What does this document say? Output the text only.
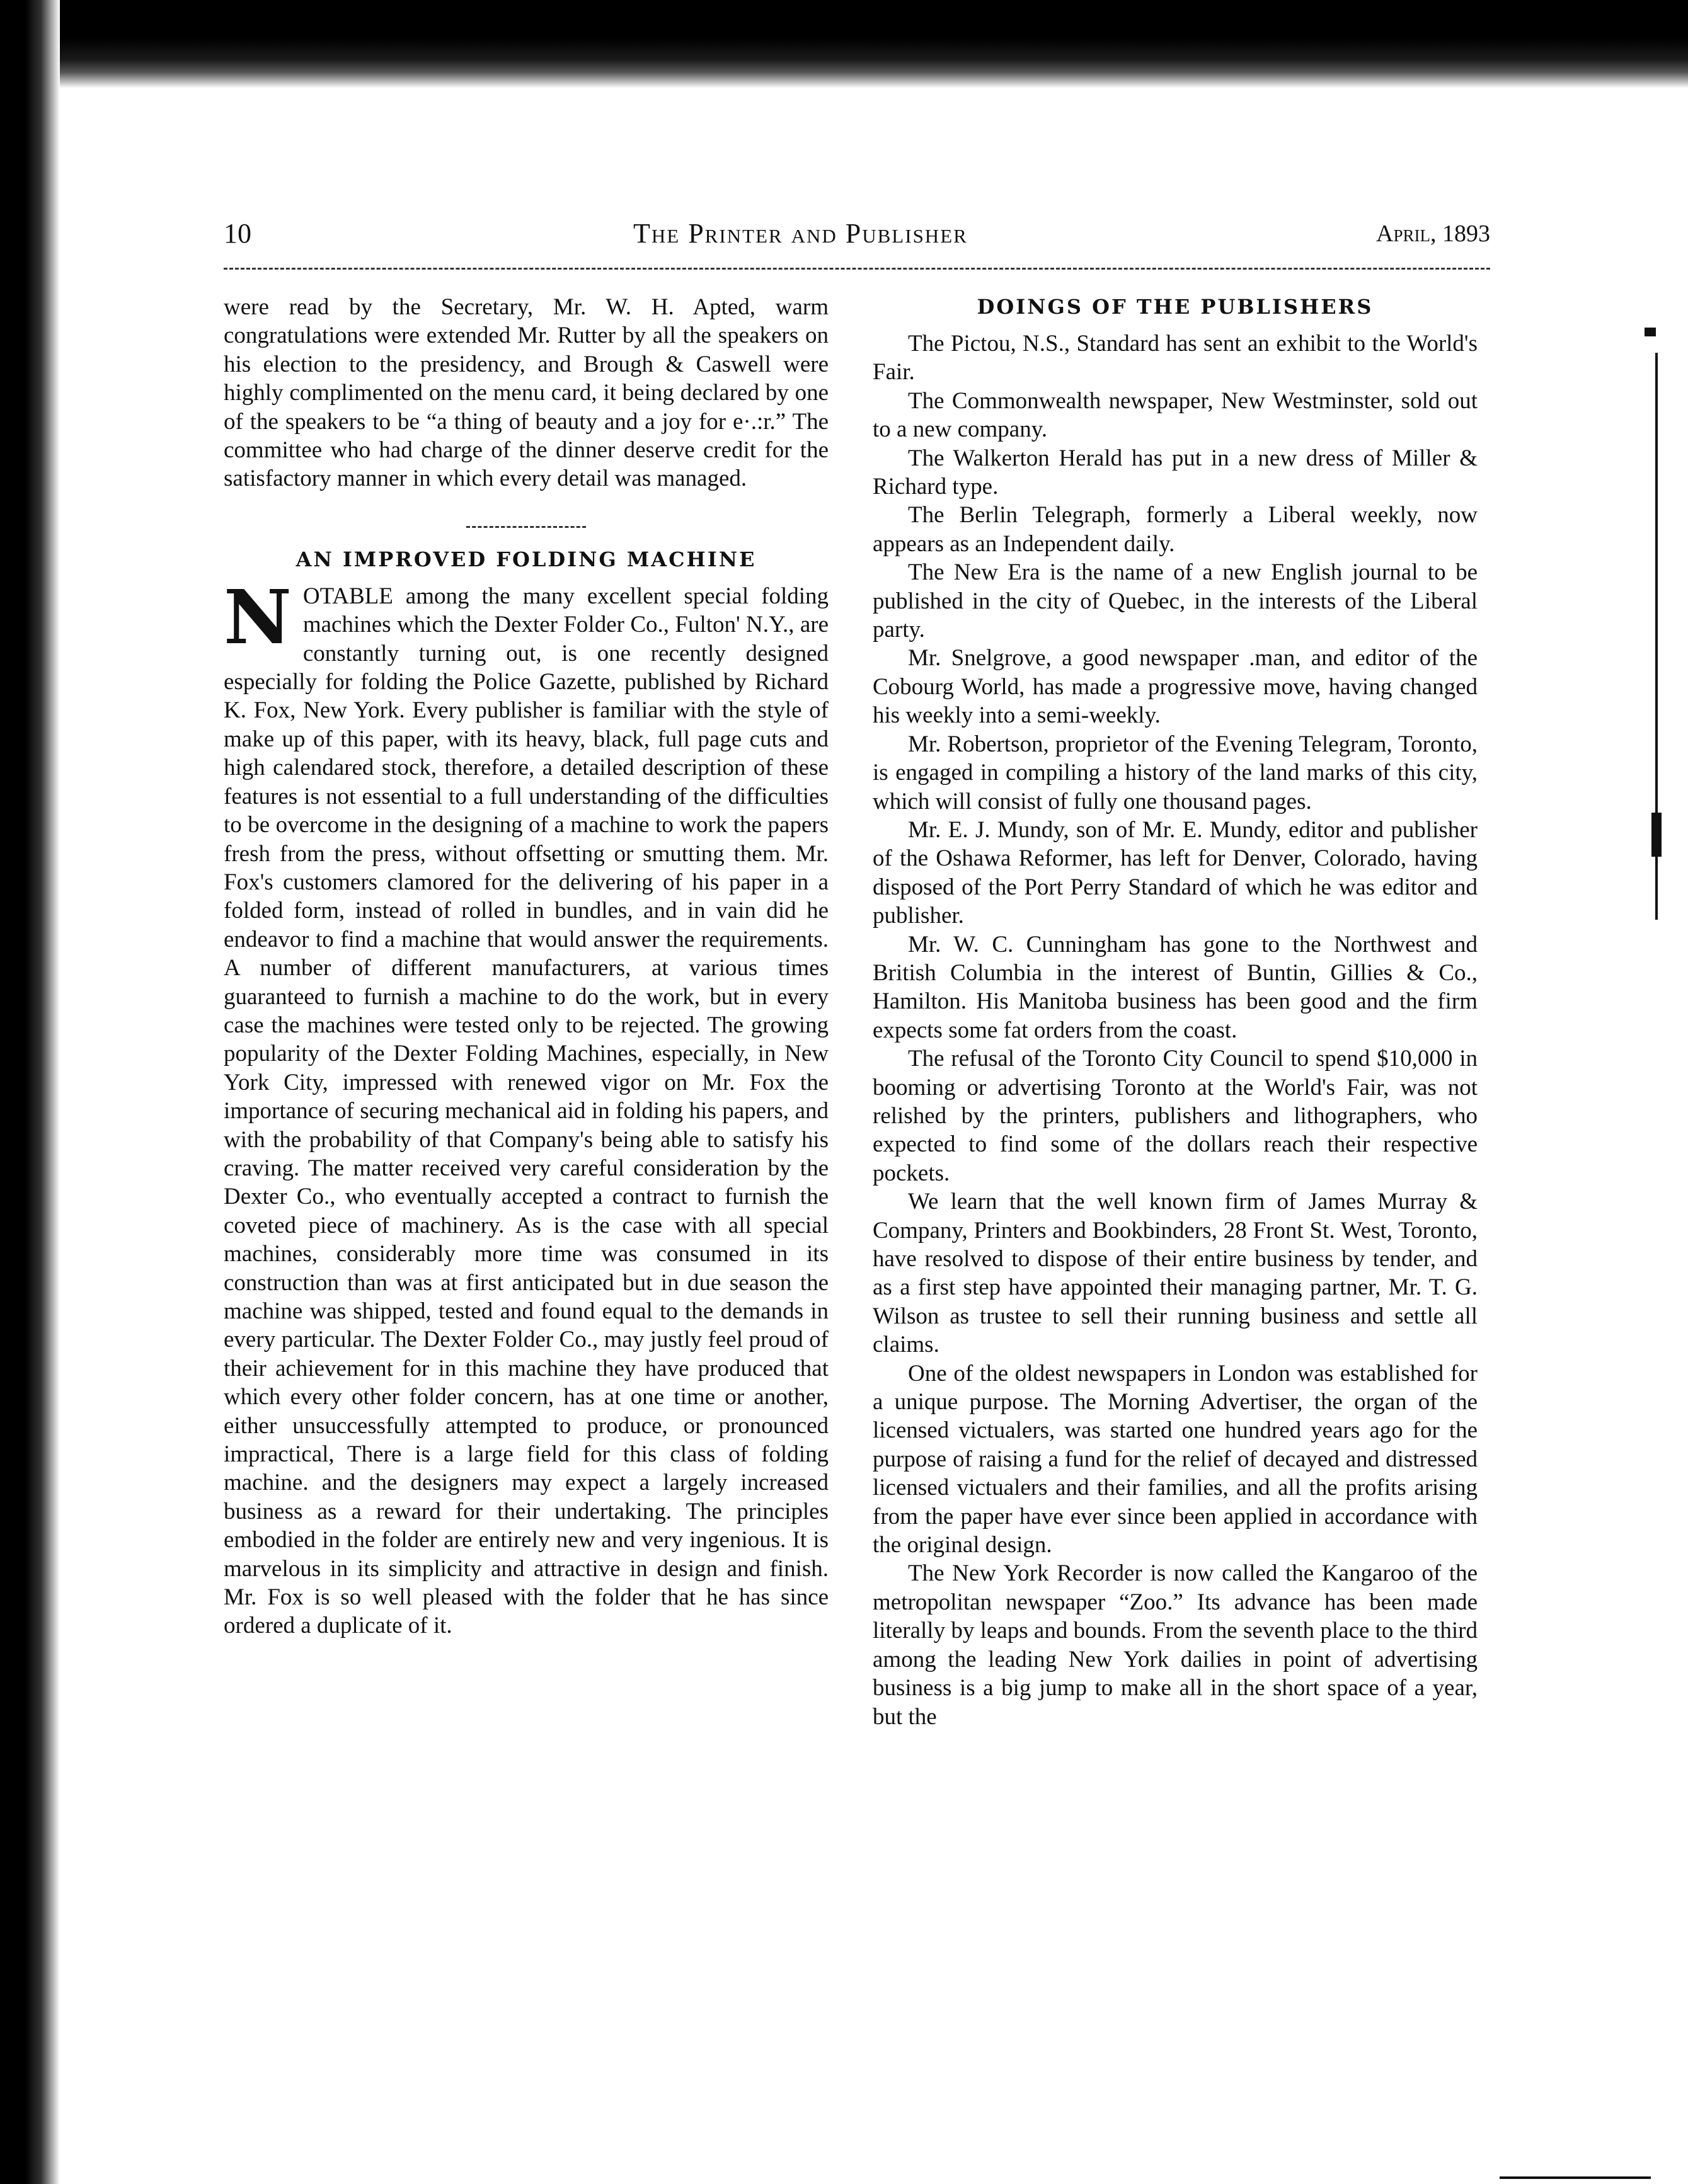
10	The Printer and Publisher	April, 1893

were read by the Secretary, Mr. W. H. Apted, warm congratulations were extended Mr. Rutter by all the speakers on his election to the presidency, and Brough & Caswell were highly complimented on the menu card, it being declared by one of the speakers to be “a thing of beauty and a joy for e·.:r.” The committee who had charge of the dinner deserve credit for the satisfactory manner in which every detail was managed.

AN IMPROVED FOLDING MACHINE

NOTABLE among the many excellent special folding machines which the Dexter Folder Co., Fulton' N.Y., are constantly turning out, is one recently designed especially for folding the Police Gazette, published by Richard K. Fox, New York. Every publisher is familiar with the style of make up of this paper, with its heavy, black, full page cuts and high calendared stock, therefore, a detailed description of these features is not essential to a full understanding of the difficulties to be overcome in the designing of a machine to work the papers fresh from the press, without offsetting or smutting them. Mr. Fox's customers clamored for the delivering of his paper in a folded form, instead of rolled in bundles, and in vain did he endeavor to find a machine that would answer the requirements. A number of different manufacturers, at various times guaranteed to furnish a machine to do the work, but in every case the machines were tested only to be rejected. The growing popularity of the Dexter Folding Machines, especially, in New York City, impressed with renewed vigor on Mr. Fox the importance of securing mechanical aid in folding his papers, and with the probability of that Company's being able to satisfy his craving. The matter received very careful consideration by the Dexter Co., who eventually accepted a contract to furnish the coveted piece of machinery. As is the case with all special machines, considerably more time was consumed in its construction than was at first anticipated but in due season the machine was shipped, tested and found equal to the demands in every particular. The Dexter Folder Co., may justly feel proud of their achievement for in this machine they have produced that which every other folder concern, has at one time or another, either unsuccessfully attempted to produce, or pronounced impractical, There is a large field for this class of folding machine. and the designers may expect a largely increased business as a reward for their undertaking. The principles embodied in the folder are entirely new and very ingenious. It is marvelous in its simplicity and attractive in design and finish. Mr. Fox is so well pleased with the folder that he has since ordered a duplicate of it.

DOINGS OF THE PUBLISHERS

The Pictou, N.S., Standard has sent an exhibit to the World's Fair.

The Commonwealth newspaper, New Westminster, sold out to a new company.

The Walkerton Herald has put in a new dress of Miller & Richard type.

The Berlin Telegraph, formerly a Liberal weekly, now appears as an Independent daily.

The New Era is the name of a new English journal to be published in the city of Quebec, in the interests of the Liberal party.

Mr. Snelgrove, a good newspaper .man, and editor of the Cobourg World, has made a progressive move, having changed his weekly into a semi-weekly.

Mr. Robertson, proprietor of the Evening Telegram, Toronto, is engaged in compiling a history of the land marks of this city, which will consist of fully one thousand pages.

Mr. E. J. Mundy, son of Mr. E. Mundy, editor and publisher of the Oshawa Reformer, has left for Denver, Colorado, having disposed of the Port Perry Standard of which he was editor and publisher.

Mr. W. C. Cunningham has gone to the Northwest and British Columbia in the interest of Buntin, Gillies & Co., Hamilton. His Manitoba business has been good and the firm expects some fat orders from the coast.

The refusal of the Toronto City Council to spend $10,000 in booming or advertising Toronto at the World's Fair, was not relished by the printers, publishers and lithographers, who expected to find some of the dollars reach their respective pockets.

We learn that the well known firm of James Murray & Company, Printers and Bookbinders, 28 Front St. West, Toronto, have resolved to dispose of their entire business by tender, and as a first step have appointed their managing partner, Mr. T. G. Wilson as trustee to sell their running business and settle all claims.

One of the oldest newspapers in London was established for a unique purpose. The Morning Advertiser, the organ of the licensed victualers, was started one hundred years ago for the purpose of raising a fund for the relief of decayed and distressed licensed victualers and their families, and all the profits arising from the paper have ever since been applied in accordance with the original design.

The New York Recorder is now called the Kangaroo of the metropolitan newspaper “Zoo.” Its advance has been made literally by leaps and bounds. From the seventh place to the third among the leading New York dailies in point of advertising business is a big jump to make all in the short space of a year, but the
